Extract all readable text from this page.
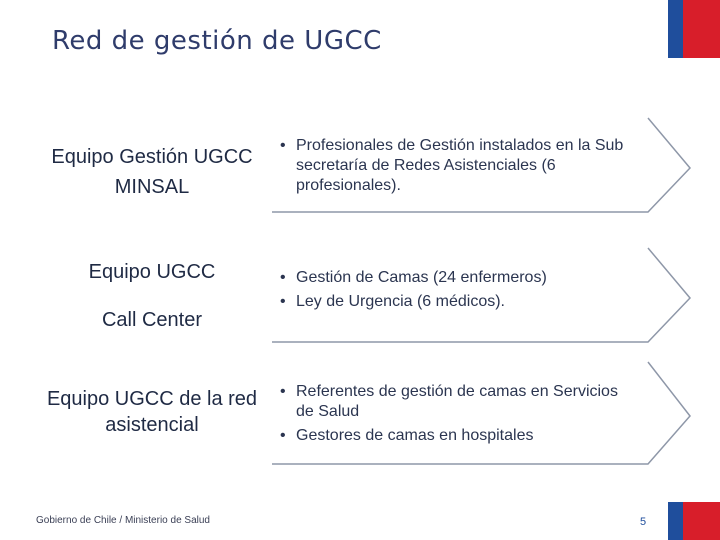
Red de gestión de UGCC
Equipo Gestión UGCC MINSAL
• Profesionales de Gestión instalados en la Sub secretaría de Redes Asistenciales (6 profesionales).
Equipo UGCC
Call Center
• Gestión de Camas (24 enfermeros)
• Ley de Urgencia (6 médicos).
Equipo UGCC de la red asistencial
• Referentes de gestión de camas en Servicios de Salud
• Gestores de camas en hospitales
Gobierno de Chile / Ministerio de Salud	5
